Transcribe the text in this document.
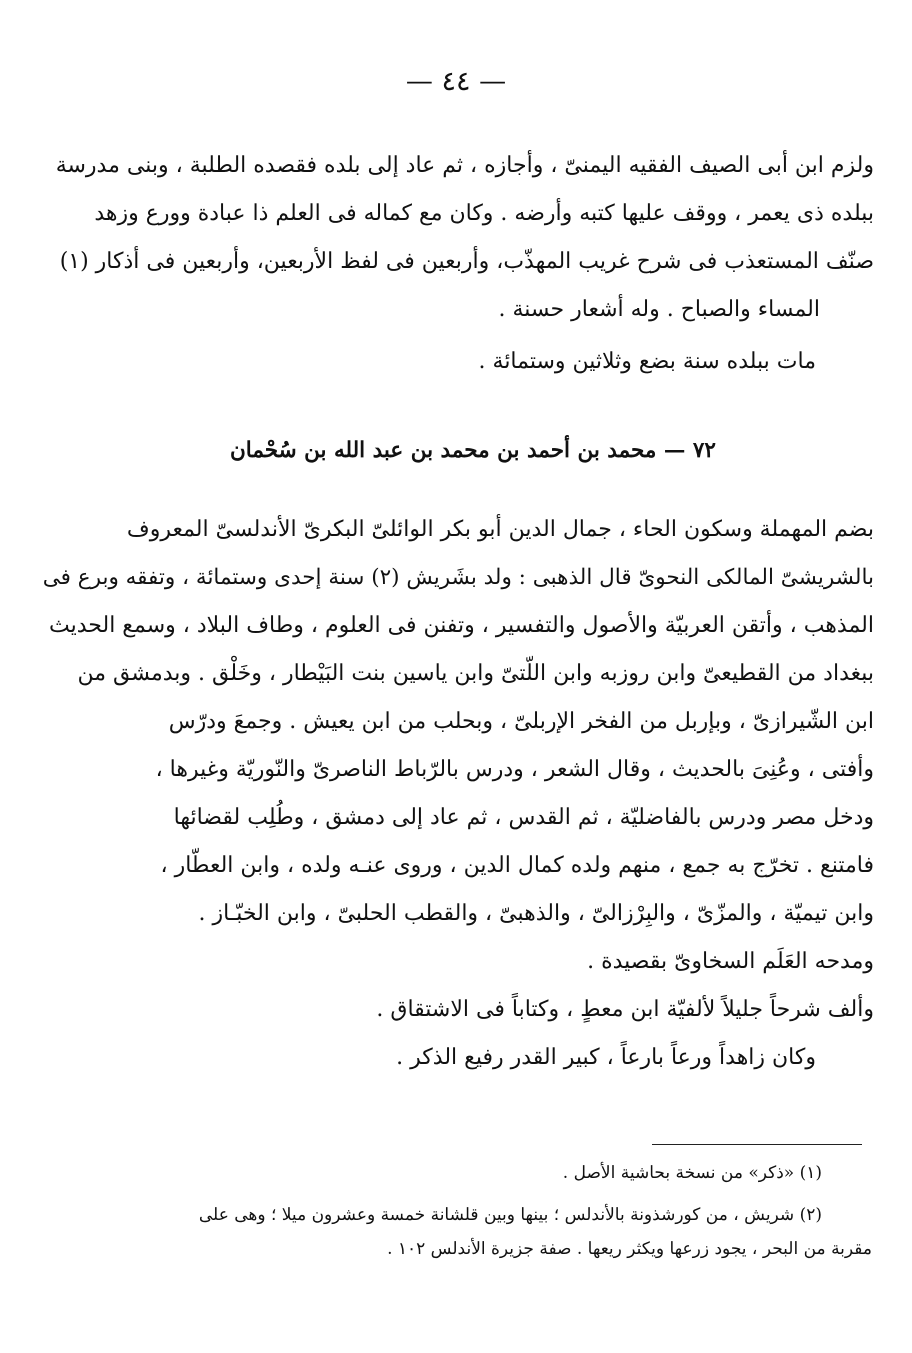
— ٤٤ —
ولزم ابن أبى الصيف الفقيه اليمنىّ ، وأجازه ، ثم عاد إلى بلده فقصده الطلبة ، وبنى مدرسة
ببلده ذى يعمر ، ووقف عليها كتبه وأرضه . وكان مع كماله فى العلم ذا عبادة وورع وزهد
صنّف المستعذب فى شرح غريب المهذّب، وأربعين فى لفظ الأربعين، وأربعين فى أذكار (١)
المساء والصباح . وله أشعار حسنة .
مات ببلده سنة بضع وثلاثين وستمائة .
٧٢ — محمد بن أحمد بن محمد بن عبد الله بن سُحْمان
بضم المهملة وسكون الحاء ، جمال الدين أبو بكر الوائلىّ البكرىّ الأندلسىّ المعروف
بالشريشىّ المالكى النحوىّ قال الذهبى : ولد بشَريش (٢) سنة إحدى وستمائة ، وتفقه وبرع فى
المذهب ، وأتقن العربيّة والأصول والتفسير ، وتفنن فى العلوم ، وطاف البلاد ، وسمع الحديث
ببغداد من القطيعىّ وابن روزبه وابن اللّتىّ وابن ياسين بنت البَيْطار ، وخَلْق . وبدمشق من
ابن الشّيرازىّ ، وبإربل من الفخر الإربلىّ ، وبحلب من ابن يعيش . وجمعَ ودرّس
وأفتى ، وعُنِىَ بالحديث ، وقال الشعر ، ودرس بالرّباط الناصرىّ والنّوريّة وغيرها ،
ودخل مصر ودرس بالفاضليّة ، ثم القدس ، ثم عاد إلى دمشق ، وطُلِب لقضائها
فامتنع . تخرّج به جمع ، منهم ولده كمال الدين ، وروى عنـه ولده ، وابن العطّار ،
وابن تيميّة ، والمزّىّ ، والبِرْزالىّ ، والذهبىّ ، والقطب الحلبىّ ، وابن الخبّـاز .
ومدحه العَلَم السخاوىّ بقصيدة .
وألف شرحاً جليلاً لألفيّة ابن معطٍ ، وكتاباً فى الاشتقاق .
وكان زاهداً ورعاً بارعاً ، كبير القدر رفيع الذكر .
(١) «ذكر» من نسخة بحاشية الأصل .
(٢) شريش ، من كورشذونة بالأندلس ؛ بينها وبين قلشانة خمسة وعشرون ميلا ؛ وهى على
مقربة من البحر ، يجود زرعها ويكثر ريعها . صفة جزيرة الأندلس ١٠٢ .
